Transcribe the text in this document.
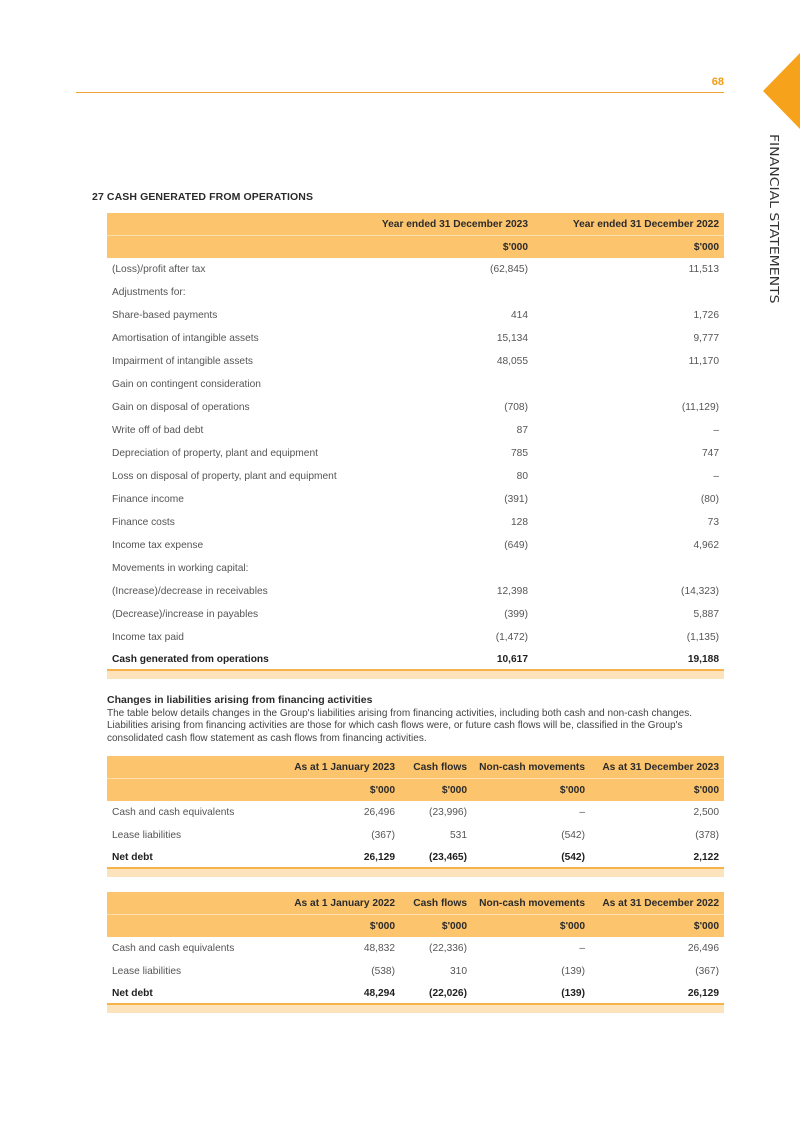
68
FINANCIAL STATEMENTS
27 CASH GENERATED FROM OPERATIONS
	Year ended 31 December 2023	Year ended 31 December 2022
	$'000	$'000
(Loss)/profit after tax	(62,845)	11,513
Adjustments for:		
Share-based payments	414	1,726
Amortisation of intangible assets	15,134	9,777
Impairment of intangible assets	48,055	11,170
Gain on contingent consideration		
Gain on disposal of operations	(708)	(11,129)
Write off of bad debt	87	–
Depreciation of property, plant and equipment	785	747
Loss on disposal of property, plant and equipment	80	–
Finance income	(391)	(80)
Finance costs	128	73
Income tax expense	(649)	4,962
Movements in working capital:		
(Increase)/decrease in receivables	12,398	(14,323)
(Decrease)/increase in payables	(399)	5,887
Income tax paid	(1,472)	(1,135)
Cash generated from operations	10,617	19,188

Changes in liabilities arising from financing activities
The table below details changes in the Group's liabilities arising from financing activities, including both cash and non-cash changes. Liabilities arising from financing activities are those for which cash flows were, or future cash flows will be, classified in the Group's consolidated cash flow statement as cash flows from financing activities.
	As at 1 January 2023	Cash flows	Non-cash movements	As at 31 December 2023
	$'000	$'000	$'000	$'000
Cash and cash equivalents	26,496	(23,996)	–	2,500
Lease liabilities	(367)	531	(542)	(378)
Net debt	26,129	(23,465)	(542)	2,122

	As at 1 January 2022	Cash flows	Non-cash movements	As at 31 December 2022
	$'000	$'000	$'000	$'000
Cash and cash equivalents	48,832	(22,336)	–	26,496
Lease liabilities	(538)	310	(139)	(367)
Net debt	48,294	(22,026)	(139)	26,129
